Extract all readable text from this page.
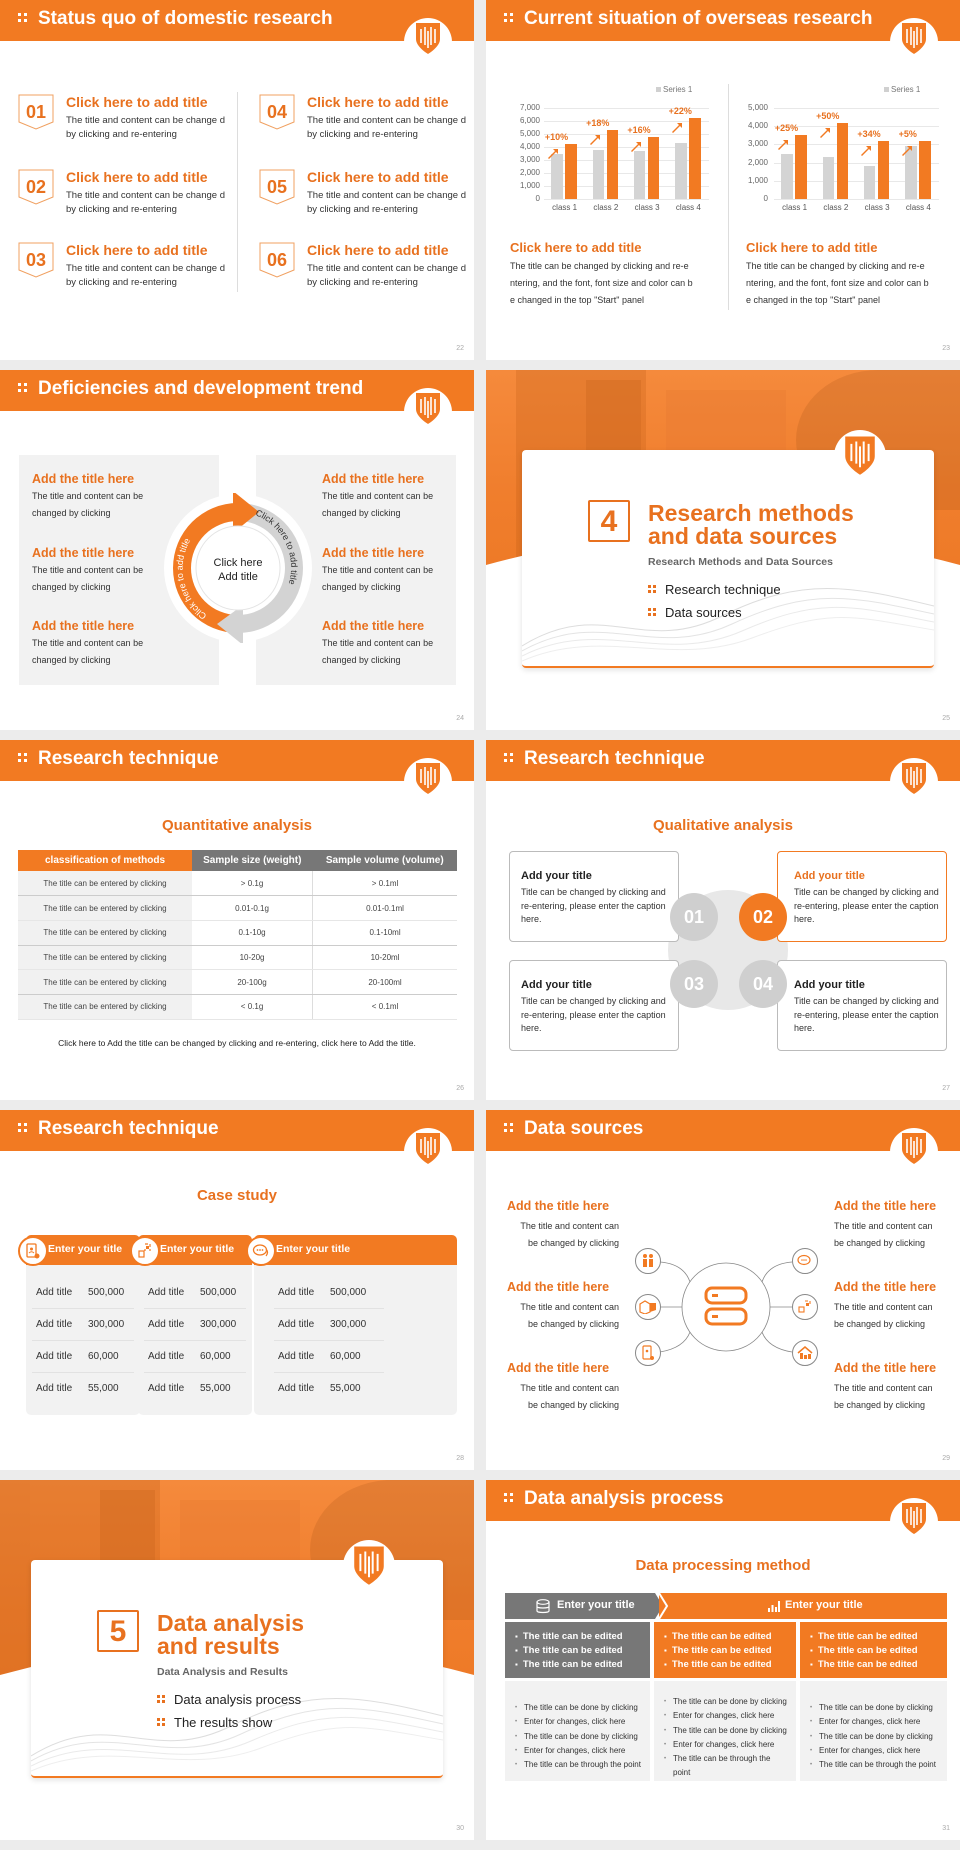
Status quo of domestic research
01	Click here to add title
The title and content can be change d by clicking and re-entering
02	Click here to add title
The title and content can be change d by clicking and re-entering
03	Click here to add title
The title and content can be change d by clicking and re-entering
04	Click here to add title
The title and content can be change d by clicking and re-entering
05	Click here to add title
The title and content can be change d by clicking and re-entering
06	Click here to add title
The title and content can be change d by clicking and re-entering
22
Current situation of overseas research
Series 1
0
1,000
2,000
3,000
4,000
5,000
6,000
7,000
class 1
+10%
class 2
+18%
class 3
+16%
class 4
+22%
Series 1
0
1,000
2,000
3,000
4,000
5,000
class 1
+25%
class 2
+50%
class 3
+34%
class 4
+5%
Click here to add title
The title can be changed by clicking and re-e ntering, and the font, font size and color can b e changed in the top "Start" panel
Click here to add title
The title can be changed by clicking and re-e ntering, and the font, font size and color can b e changed in the top "Start" panel
23
Deficiencies and development trend
Add the title here
The title and content can be changed by clicking
Add the title here
The title and content can be changed by clicking
Add the title here
The title and content can be changed by clicking
Add the title here
The title and content can be changed by clicking
Add the title here
The title and content can be changed by clicking
Add the title here
The title and content can be changed by clicking
Click here to add title
Click here to add title
Click here
Add title
24
4	Research methods
and data sources
Research Methods and Data Sources
Research technique
Data sources
25
Research technique
Quantitative analysis
classification of methods	Sample size (weight)	Sample volume (volume)
The title can be entered by clicking	> 0.1g	> 0.1ml
The title can be entered by clicking	0.01-0.1g	0.01-0.1ml
The title can be entered by clicking	0.1-10g	0.1-10ml
The title can be entered by clicking	10-20g	10-20ml
The title can be entered by clicking	20-100g	20-100ml
The title can be entered by clicking	< 0.1g	< 0.1ml
Click here to Add the title can be changed by clicking and re-entering, click here to Add the title.
26
Research technique
Qualitative analysis
Add your title
Title can be changed by clicking and re-entering, please enter the caption here.
Add your title
Title can be changed by clicking and re-entering, please enter the caption here.
Add your title
Title can be changed by clicking and re-entering, please enter the caption here.
Add your title
Title can be changed by clicking and re-entering, please enter the caption here.
01	02
03	04
27
Research technique
Case study
Enter your title
Add title 500,000
Add title 300,000
Add title 60,000
Add title 55,000
Enter your title
Add title 500,000
Add title 300,000
Add title 60,000
Add title 55,000
Enter your title
Add title 500,000
Add title 300,000
Add title 60,000
Add title 55,000
28
Data sources
Add the title here
The title and content can be changed by clicking
Add the title here
The title and content can be changed by clicking
Add the title here
The title and content can be changed by clicking
Add the title here
The title and content can be changed by clicking
Add the title here
The title and content can be changed by clicking
Add the title here
The title and content can be changed by clicking
29
5	Data analysis
and results
Data Analysis and Results
Data analysis process
The results show
30
Data analysis process
Data processing method
Enter your title	Enter your title
▪ The title can be edited
▪ The title can be edited
▪ The title can be edited
▪ The title can be edited
▪ The title can be edited
▪ The title can be edited
▪ The title can be edited
▪ The title can be edited
▪ The title can be edited
• The title can be done by clicking
• Enter for changes, click here
• The title can be done by clicking
• Enter for changes, click here
• The title can be through the point
• The title can be done by clicking
• Enter for changes, click here
• The title can be done by clicking
• Enter for changes, click here
• The title can be through the point
• The title can be done by clicking
• Enter for changes, click here
• The title can be done by clicking
• Enter for changes, click here
• The title can be through the point
31
